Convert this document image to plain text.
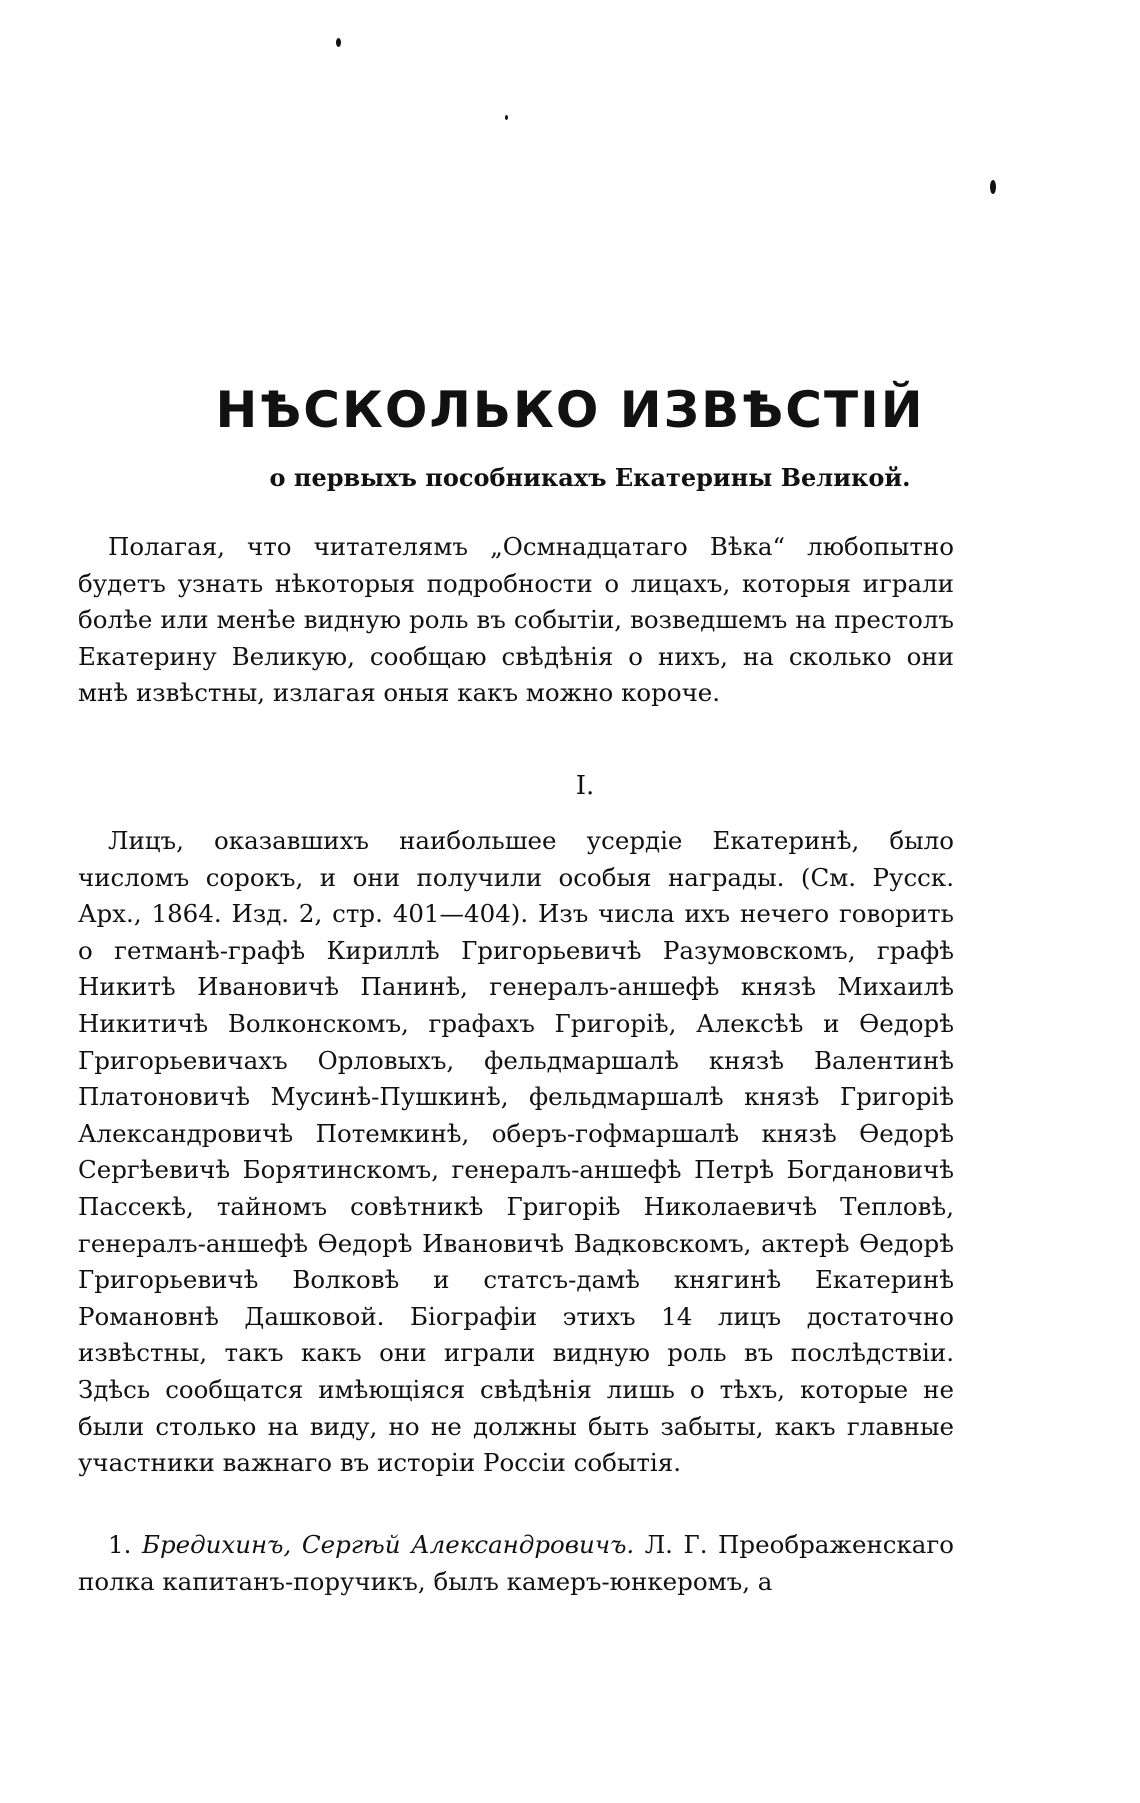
НѢСКОЛЬКО ИЗВѢСТІЙ
о первыхъ пособникахъ Екатерины Великой.
Полагая, что читателямъ „Осмнадцатаго Вѣка“ любопытно будетъ узнать нѣкоторыя подробности о лицахъ, которыя играли болѣе или менѣе видную роль въ событіи, возведшемъ на престолъ Екатерину Великую, сообщаю свѣдѣнія о нихъ, на сколько они мнѣ извѣстны, излагая оныя какъ можно короче.
I.
Лицъ, оказавшихъ наибольшее усердіе Екатеринѣ, было числомъ сорокъ, и они получили особыя награды. (См. Русск. Арх., 1864. Изд. 2, стр. 401—404). Изъ числа ихъ нечего говорить о гетманѣ-графѣ Кириллѣ Григорьевичѣ Разумовскомъ, графѣ Никитѣ Ивановичѣ Панинѣ, генералъ-аншефѣ князѣ Михаилѣ Никитичѣ Волконскомъ, графахъ Григоріѣ, Алексѣѣ и Өедорѣ Григорьевичахъ Орловыхъ, фельдмаршалѣ князѣ Валентинѣ Платоновичѣ Мусинѣ-Пушкинѣ, фельдмаршалѣ князѣ Григоріѣ Александровичѣ Потемкинѣ, оберъ-гофмаршалѣ князѣ Өедорѣ Сергѣевичѣ Борятинскомъ, генералъ-аншефѣ Петрѣ Богдановичѣ Пассекѣ, тайномъ совѣтникѣ Григоріѣ Николаевичѣ Тепловѣ, генералъ-аншефѣ Өедорѣ Ивановичѣ Вадковскомъ, актерѣ Өедорѣ Григорьевичѣ Волковѣ и статсъ-дамѣ княгинѣ Екатеринѣ Романовнѣ Дашковой. Біографіи этихъ 14 лицъ достаточно извѣстны, такъ какъ они играли видную роль въ послѣдствіи. Здѣсь сообщатся имѣющіяся свѣдѣнія лишь о тѣхъ, которые не были столько на виду, но не должны быть забыты, какъ главные участники важнаго въ исторіи Россіи событія.
1. Бредихинъ, Сергѣй Александровичъ. Л. Г. Преображенскаго полка капитанъ-поручикъ, былъ камеръ-юнкеромъ, а
